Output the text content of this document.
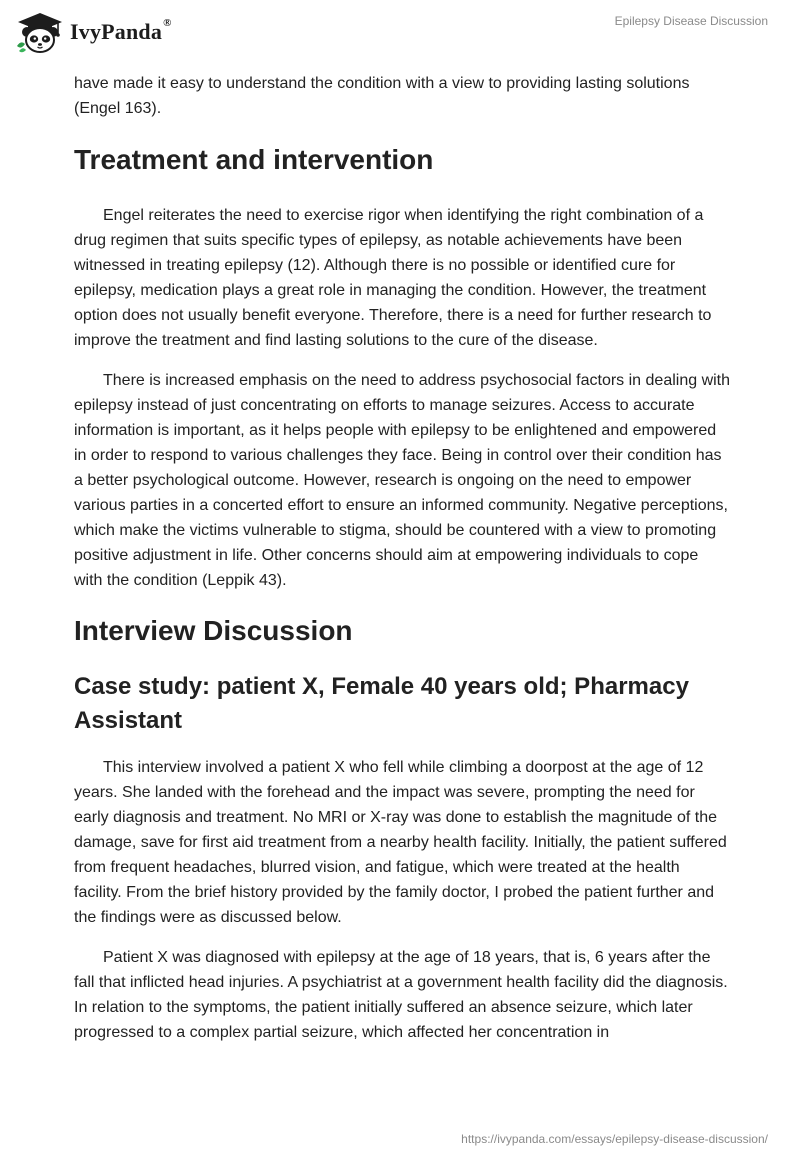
IvyPanda®	Epilepsy Disease Discussion

have made it easy to understand the condition with a view to providing lasting solutions (Engel 163).

Treatment and intervention

Engel reiterates the need to exercise rigor when identifying the right combination of a drug regimen that suits specific types of epilepsy, as notable achievements have been witnessed in treating epilepsy (12). Although there is no possible or identified cure for epilepsy, medication plays a great role in managing the condition. However, the treatment option does not usually benefit everyone. Therefore, there is a need for further research to improve the treatment and find lasting solutions to the cure of the disease.

There is increased emphasis on the need to address psychosocial factors in dealing with epilepsy instead of just concentrating on efforts to manage seizures. Access to accurate information is important, as it helps people with epilepsy to be enlightened and empowered in order to respond to various challenges they face. Being in control over their condition has a better psychological outcome. However, research is ongoing on the need to empower various parties in a concerted effort to ensure an informed community. Negative perceptions, which make the victims vulnerable to stigma, should be countered with a view to promoting positive adjustment in life. Other concerns should aim at empowering individuals to cope with the condition (Leppik 43).

Interview Discussion
Case study: patient X, Female 40 years old; Pharmacy Assistant

This interview involved a patient X who fell while climbing a doorpost at the age of 12 years. She landed with the forehead and the impact was severe, prompting the need for early diagnosis and treatment. No MRI or X-ray was done to establish the magnitude of the damage, save for first aid treatment from a nearby health facility. Initially, the patient suffered from frequent headaches, blurred vision, and fatigue, which were treated at the health facility. From the brief history provided by the family doctor, I probed the patient further and the findings were as discussed below.

Patient X was diagnosed with epilepsy at the age of 18 years, that is, 6 years after the fall that inflicted head injuries. A psychiatrist at a government health facility did the diagnosis. In relation to the symptoms, the patient initially suffered an absence seizure, which later progressed to a complex partial seizure, which affected her concentration in

https://ivypanda.com/essays/epilepsy-disease-discussion/
